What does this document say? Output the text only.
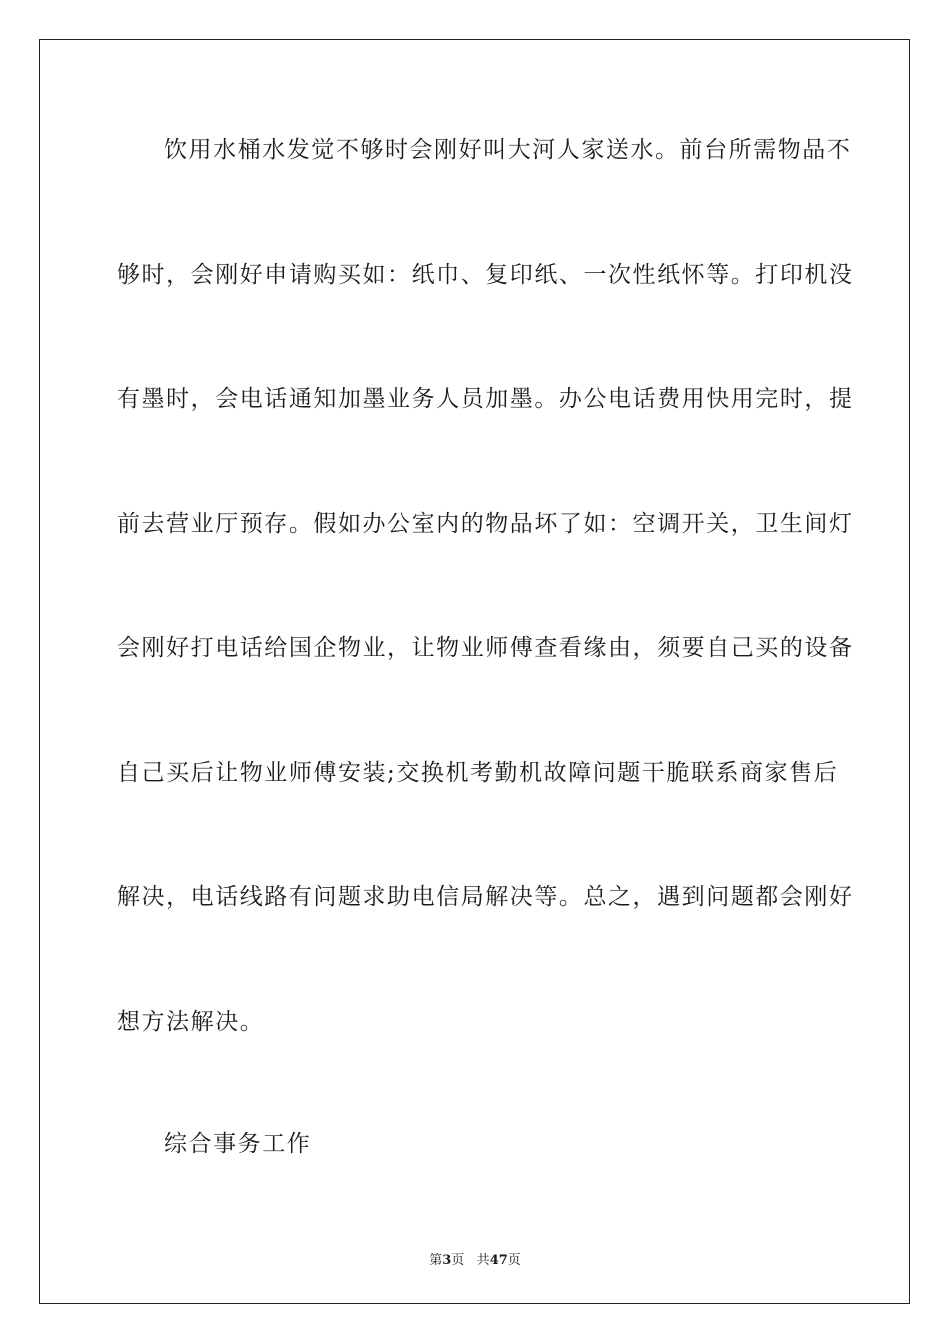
饮用水桶水发觉不够时会刚好叫大河人家送水。前台所需物品不
够时，会刚好申请购买如：纸巾、复印纸、一次性纸怀等。打印机没
有墨时，会电话通知加墨业务人员加墨。办公电话费用快用完时，提
前去营业厅预存。假如办公室内的物品坏了如：空调开关，卫生间灯
会刚好打电话给国企物业，让物业师傅查看缘由，须要自己买的设备
自己买后让物业师傅安装;交换机考勤机故障问题干脆联系商家售后
解决，电话线路有问题求助电信局解决等。总之，遇到问题都会刚好
想方法解决。
综合事务工作
第3页 共47页
